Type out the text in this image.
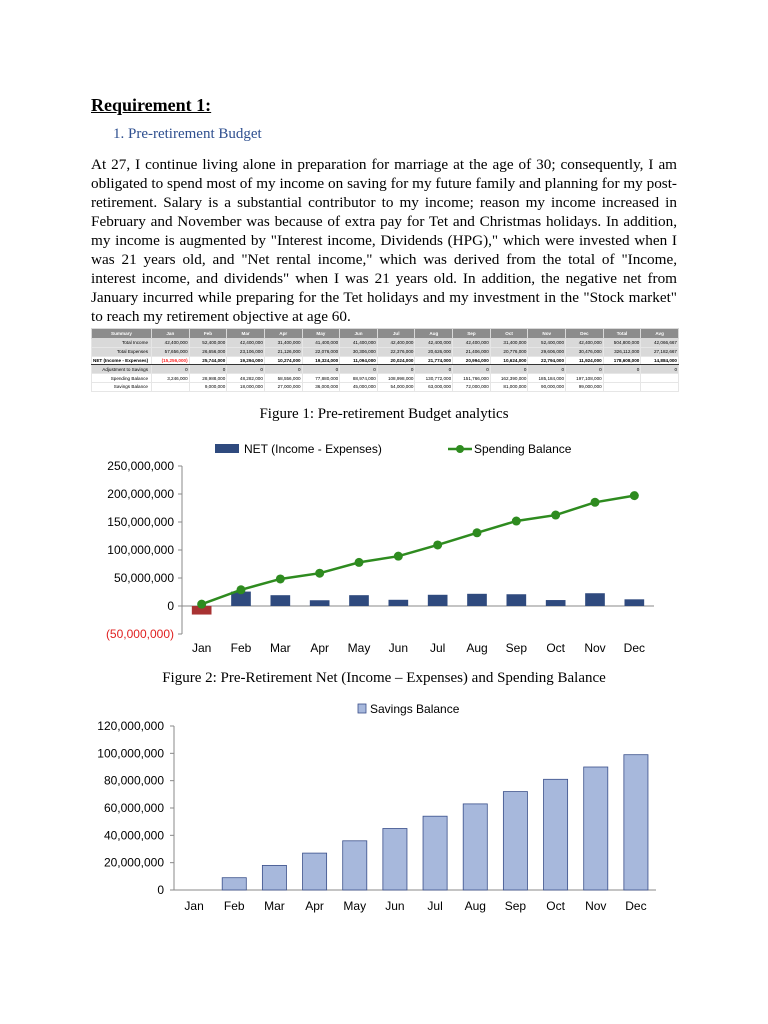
Requirement 1:
1. Pre-retirement Budget
At 27, I continue living alone in preparation for marriage at the age of 30; consequently, I am obligated to spend most of my income on saving for my future family and planning for my post-retirement. Salary is a substantial contributor to my income; reason my income increased in February and November was because of extra pay for Tet and Christmas holidays. In addition, my income is augmented by "Interest income, Dividends (HPG)," which were invested when I was 21 years old, and "Net rental income," which was derived from the total of "Income, interest income, and dividends" when I was 21 years old. In addition, the negative net from January incurred while preparing for the Tet holidays and my investment in the "Stock market" to reach my retirement objective at age 60.
Summary	Jan	Feb	Mar	Apr	May	Jun	Jul	Aug	Sep	Oct	Nov	Dec	Total	Avg
Total Income	42,400,000	52,400,000	42,400,000	31,400,000	41,400,000	41,400,000	42,400,000	42,400,000	42,400,000	31,400,000	52,400,000	42,400,000	504,800,000	42,066,667
Total Expenses	57,656,000	26,656,000	23,106,000	21,126,000	22,076,000	30,306,000	22,376,000	20,626,000	21,406,000	20,776,000	29,606,000	30,476,000	326,112,000	27,182,667
NET (Income - Expenses)	(15,256,000)	25,744,000	19,294,000	10,274,000	19,324,000	11,094,000	20,024,000	21,774,000	20,994,000	10,624,000	22,794,000	11,924,000	178,608,000	14,884,000
Adjustment to Savings	0	0	0	0	0	0	0	0	0	0	0	0	0	0
Spending Balance	3,246,000	28,988,000	48,282,000	58,556,000	77,880,000	88,974,000	108,998,000	130,772,000	151,766,000	162,390,000	185,184,000	197,108,000		
Savings Balance		9,000,000	18,000,000	27,000,000	36,000,000	45,000,000	54,000,000	63,000,000	72,000,000	81,000,000	90,000,000	99,000,000		
Figure 1: Pre-retirement Budget analytics
(50,000,000)
0
50,000,000
100,000,000
150,000,000
200,000,000
250,000,000
Jan Feb Mar Apr May Jun Jul Aug Sep Oct Nov Dec
NET (Income - Expenses)	Spending Balance
Figure 2: Pre-Retirement Net (Income – Expenses) and Spending Balance
0
20,000,000
40,000,000
60,000,000
80,000,000
100,000,000
120,000,000
Jan Feb Mar Apr May Jun Jul Aug Sep Oct Nov Dec
Savings Balance
